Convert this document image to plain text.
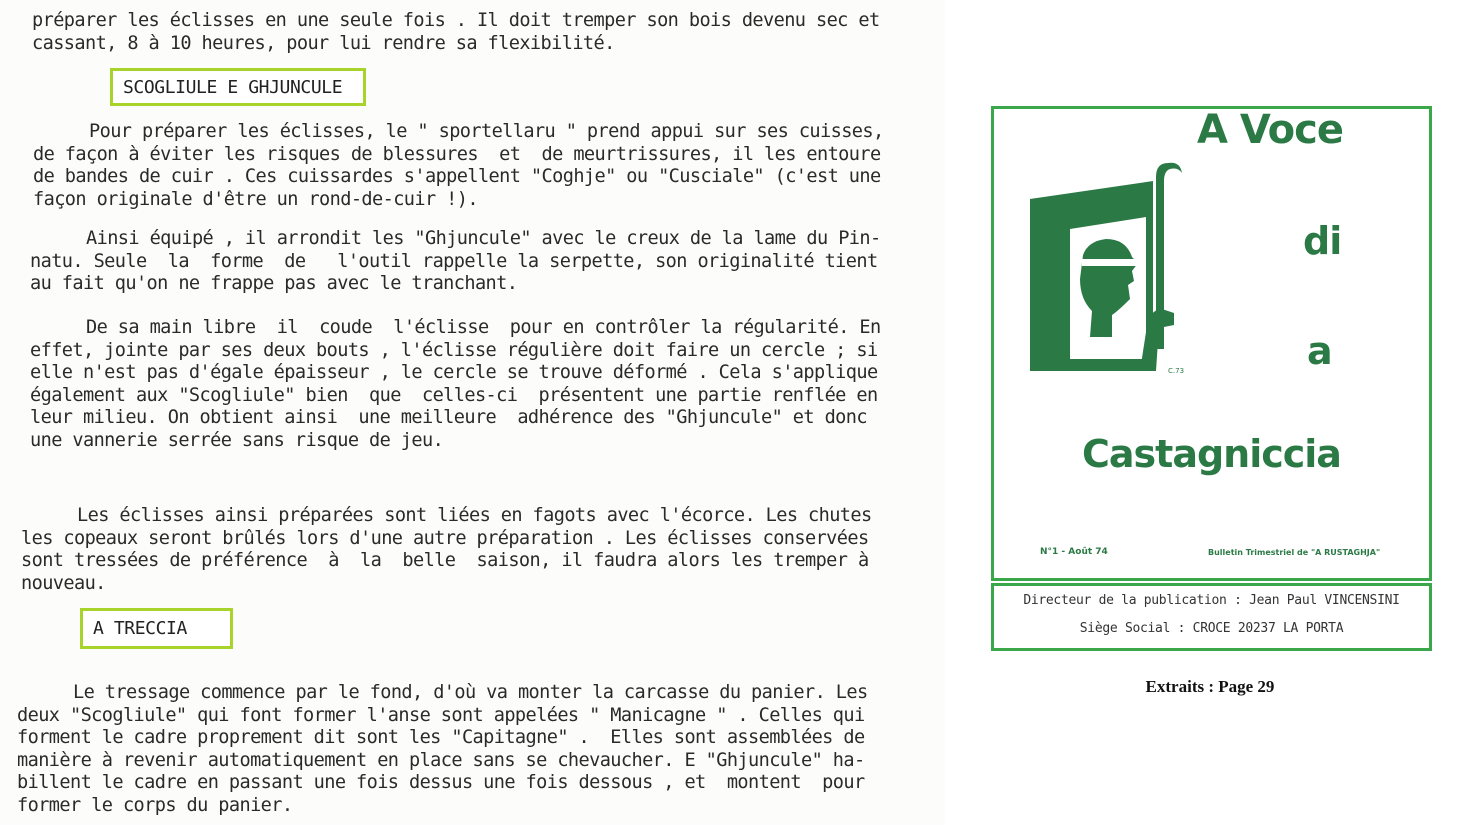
préparer les éclisses en une seule fois . Il doit tremper son bois devenu sec et
cassant, 8 à 10 heures, pour lui rendre sa flexibilité.
SCOGLIULE E GHJUNCULE
Pour préparer les éclisses, le " sportellaru " prend appui sur ses cuisses,
de façon à éviter les risques de blessures  et  de meurtrissures, il les entoure
de bandes de cuir . Ces cuissardes s'appellent "Coghje" ou "Cusciale" (c'est une
façon originale d'être un rond-de-cuir !).
Ainsi équipé , il arrondit les "Ghjuncule" avec le creux de la lame du Pin-
natu. Seule  la  forme  de   l'outil rappelle la serpette, son originalité tient
au fait qu'on ne frappe pas avec le tranchant.
De sa main libre  il  coude  l'éclisse  pour en contrôler la régularité. En
effet, jointe par ses deux bouts , l'éclisse régulière doit faire un cercle ; si
elle n'est pas d'égale épaisseur , le cercle se trouve déformé . Cela s'applique
également aux "Scogliule" bien  que  celles-ci  présentent une partie renflée en
leur milieu. On obtient ainsi  une meilleure  adhérence des "Ghjuncule" et donc
une vannerie serrée sans risque de jeu.
Les éclisses ainsi préparées sont liées en fagots avec l'écorce. Les chutes
les copeaux seront brûlés lors d'une autre préparation . Les éclisses conservées
sont tressées de préférence  à  la  belle  saison, il faudra alors les tremper à
nouveau.
A TRECCIA
Le tressage commence par le fond, d'où va monter la carcasse du panier. Les
deux "Scogliule" qui font former l'anse sont appelées " Manicagne " . Celles qui
forment le cadre proprement dit sont les "Capitagne" .  Elles sont assemblées de
manière à revenir automatiquement en place sans se chevaucher. E "Ghjuncule" ha-
billent le cadre en passant une fois dessus une fois dessous , et  montent  pour
former le corps du panier.
A Voce
di
a
Castagniccia
C.73
N°1 - Août 74	Bulletin Trimestriel de "A RUSTAGHJA"
Directeur de la publication : Jean Paul VINCENSINI
Siège Social : CROCE 20237 LA PORTA
Extraits : Page 29
